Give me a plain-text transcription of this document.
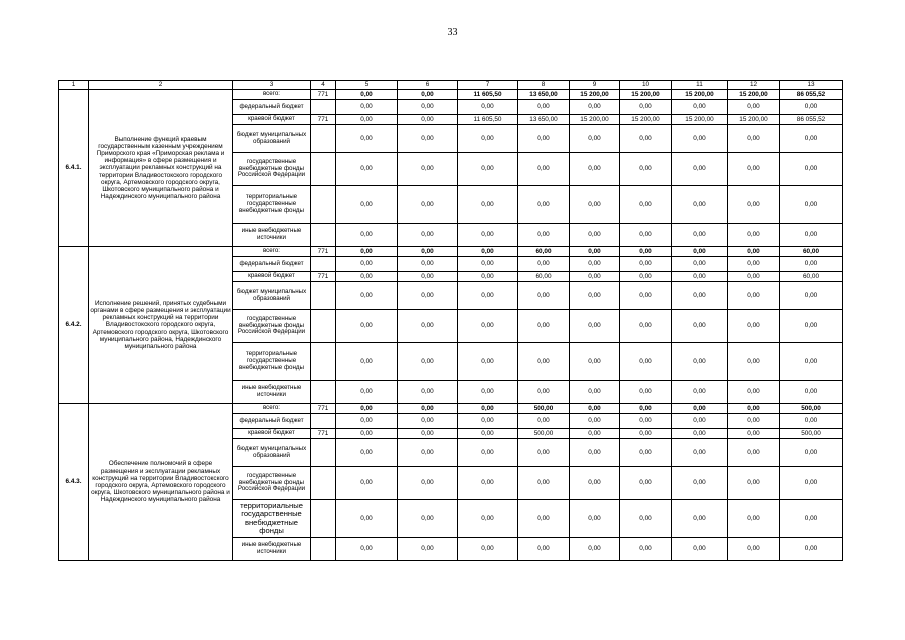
33
1	2	3	4	5	6	7	8	9	10	11	12	13
6.4.1.	Выполнение функций краевым государственным казенным учреждением Приморского края «Приморская реклама и информация» в сфере размещения и эксплуатации рекламных конструкций на территории Владивостокского городского округа, Артемовского городского округа, Шкотовского муниципального района и Надеждинского муниципального района	всего:	771	0,00	0,00	11 605,50	13 650,00	15 200,00	15 200,00	15 200,00	15 200,00	86 055,52
		федеральный бюджет		0,00	0,00	0,00	0,00	0,00	0,00	0,00	0,00	0,00
		краевой бюджет	771	0,00	0,00	11 605,50	13 650,00	15 200,00	15 200,00	15 200,00	15 200,00	86 055,52
		бюджет муниципальных образований		0,00	0,00	0,00	0,00	0,00	0,00	0,00	0,00	0,00
		государственные внебюджетные фонды Российской Федерации		0,00	0,00	0,00	0,00	0,00	0,00	0,00	0,00	0,00
		территориальные государственные внебюджетные фонды		0,00	0,00	0,00	0,00	0,00	0,00	0,00	0,00	0,00
		иные внебюджетные источники		0,00	0,00	0,00	0,00	0,00	0,00	0,00	0,00	0,00
6.4.2.	Исполнение решений, принятых судебными органами в сфере размещения и эксплуатации рекламных конструкций на территории Владивостокского городского округа, Артемовского городского округа, Шкотовского муниципального района, Надеждинского муниципального района	всего:	771	0,00	0,00	0,00	60,00	0,00	0,00	0,00	0,00	60,00
		федеральный бюджет		0,00	0,00	0,00	0,00	0,00	0,00	0,00	0,00	0,00
		краевой бюджет	771	0,00	0,00	0,00	60,00	0,00	0,00	0,00	0,00	60,00
		бюджет муниципальных образований		0,00	0,00	0,00	0,00	0,00	0,00	0,00	0,00	0,00
		государственные внебюджетные фонды Российской Федерации		0,00	0,00	0,00	0,00	0,00	0,00	0,00	0,00	0,00
		территориальные государственные внебюджетные фонды		0,00	0,00	0,00	0,00	0,00	0,00	0,00	0,00	0,00
		иные внебюджетные источники		0,00	0,00	0,00	0,00	0,00	0,00	0,00	0,00	0,00
6.4.3.	Обеспечение полномочий в сфере размещения и эксплуатации рекламных конструкций на территории Владивостокского городского округа, Артемовского городского округа, Шкотовского муниципального района и Надеждинского муниципального района	всего:	771	0,00	0,00	0,00	500,00	0,00	0,00	0,00	0,00	500,00
		федеральный бюджет		0,00	0,00	0,00	0,00	0,00	0,00	0,00	0,00	0,00
		краевой бюджет	771	0,00	0,00	0,00	500,00	0,00	0,00	0,00	0,00	500,00
		бюджет муниципальных образований		0,00	0,00	0,00	0,00	0,00	0,00	0,00	0,00	0,00
		государственные внебюджетные фонды Российской Федерации		0,00	0,00	0,00	0,00	0,00	0,00	0,00	0,00	0,00
		территориальные государственные внебюджетные фонды		0,00	0,00	0,00	0,00	0,00	0,00	0,00	0,00	0,00
		иные внебюджетные источники		0,00	0,00	0,00	0,00	0,00	0,00	0,00	0,00	0,00
